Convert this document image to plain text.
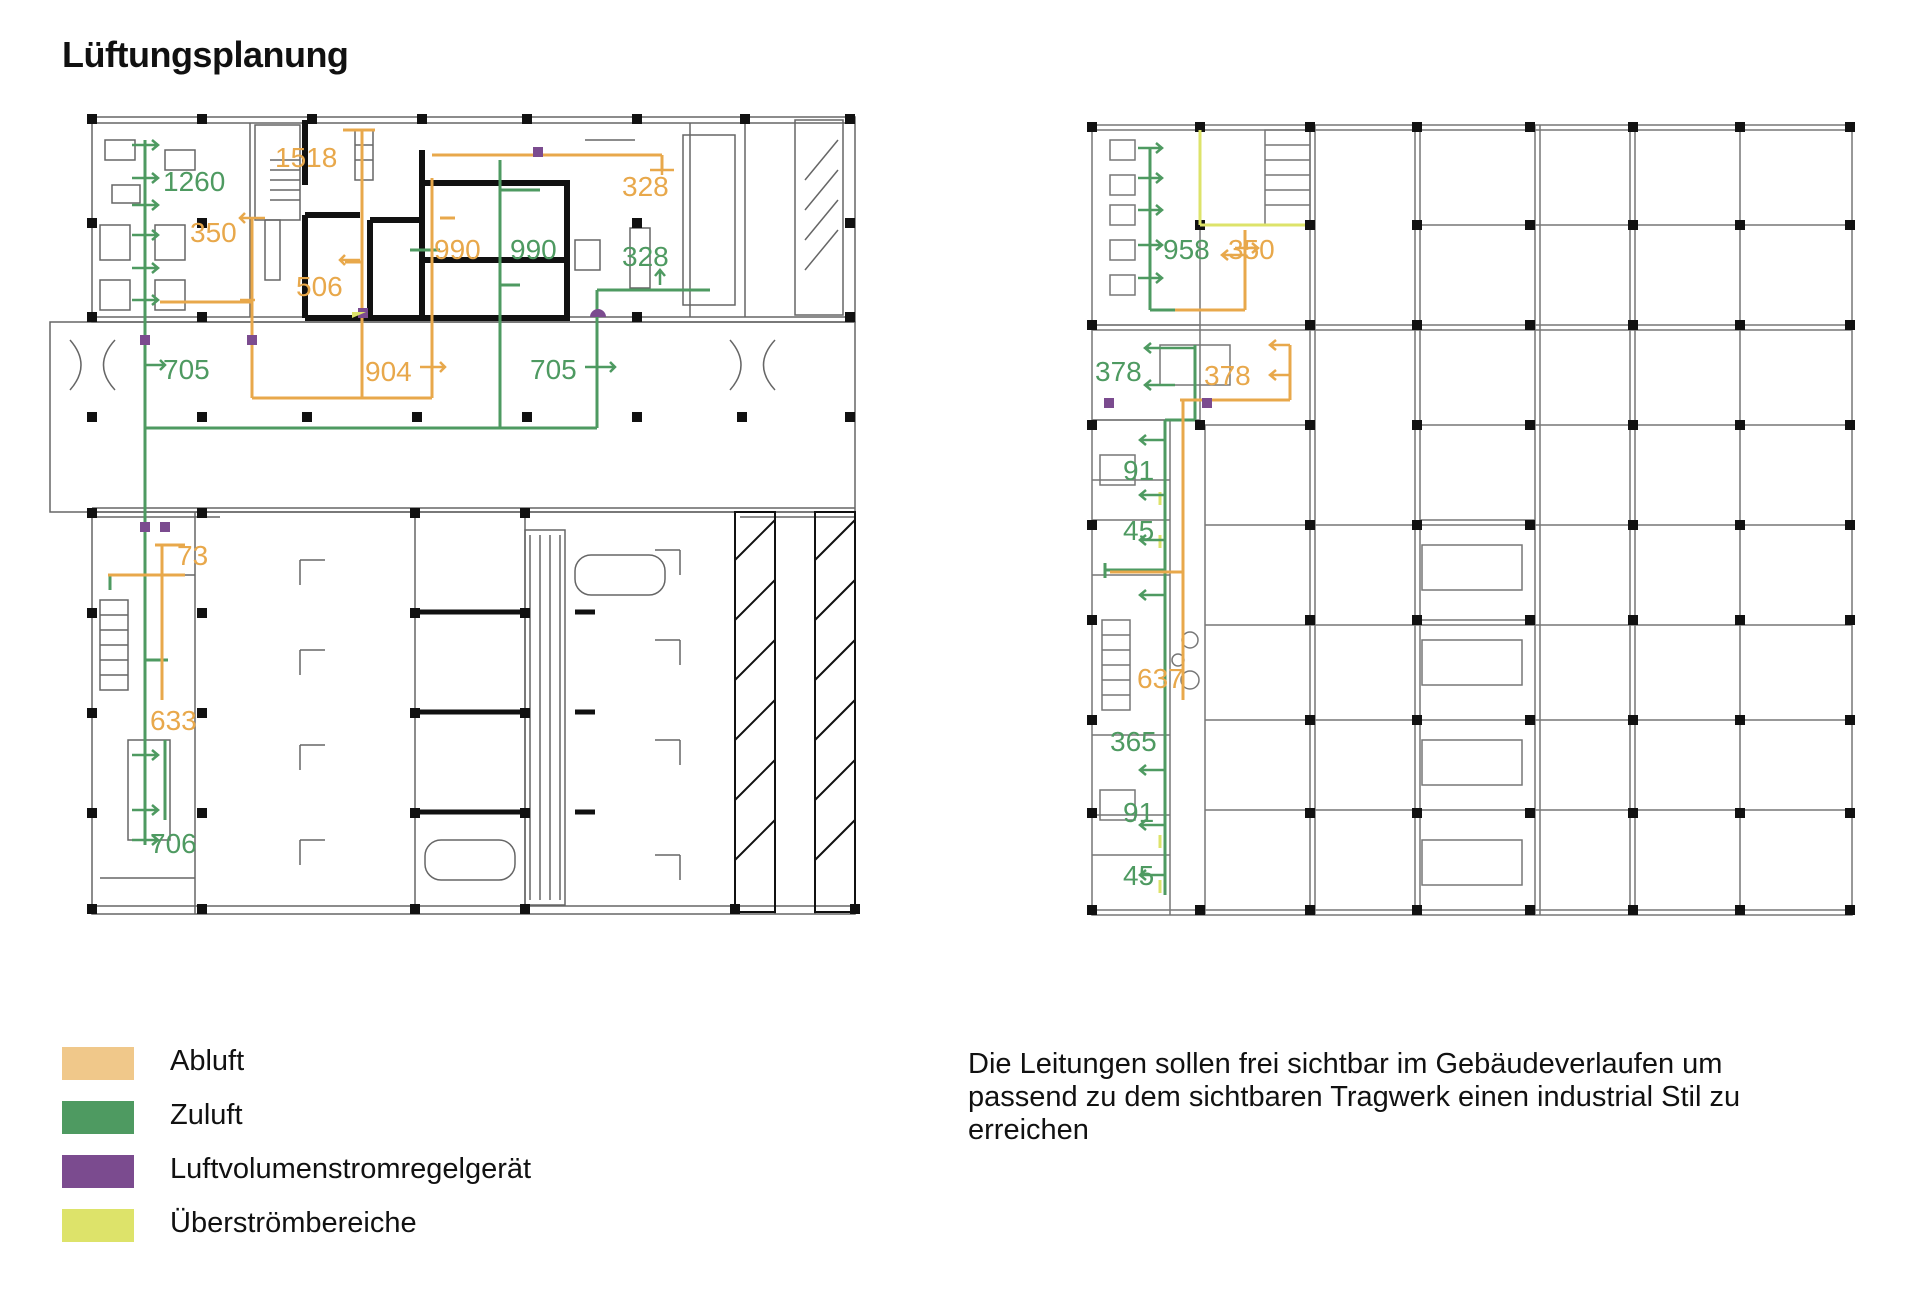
Lüftungsplanung
1260
1518
328
350
506
990 990 328
705	904	705
73
633
706
958 350
378 378
91
45
637
365
91
45
Abluft
Zuluft
Luftvolumenstromregelgerät
Überströmbereiche
Die Leitungen sollen frei sichtbar im Gebäudeverlaufen um passend zu dem sichtbaren Tragwerk einen industrial Stil zu erreichen
